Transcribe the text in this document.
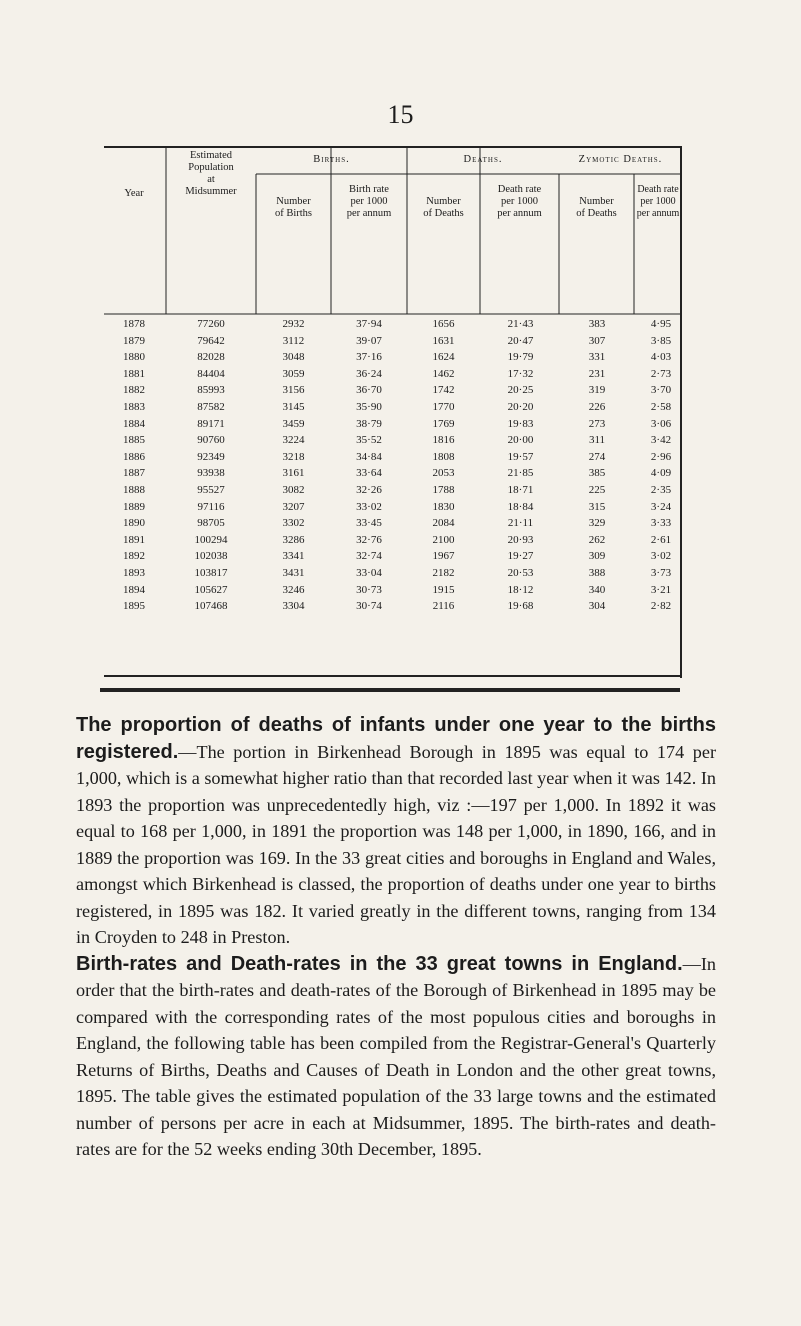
15
Year
Estimated
Population
at
Midsummer
Births.	Deaths.	Zymotic Deaths.
Number
of Births
Birth rate
per 1000
per annum
Number
of Deaths
Death rate
per 1000
per annum
Number
of Deaths
Death rate
per 1000
per annum
1878	77260	2932	37·94	1656	21·43	383	4·95
1879	79642	3112	39·07	1631	20·47	307	3·85
1880	82028	3048	37·16	1624	19·79	331	4·03
1881	84404	3059	36·24	1462	17·32	231	2·73
1882	85993	3156	36·70	1742	20·25	319	3·70
1883	87582	3145	35·90	1770	20·20	226	2·58
1884	89171	3459	38·79	1769	19·83	273	3·06
1885	90760	3224	35·52	1816	20·00	311	3·42
1886	92349	3218	34·84	1808	19·57	274	2·96
1887	93938	3161	33·64	2053	21·85	385	4·09
1888	95527	3082	32·26	1788	18·71	225	2·35
1889	97116	3207	33·02	1830	18·84	315	3·24
1890	98705	3302	33·45	2084	21·11	329	3·33
1891	100294	3286	32·76	2100	20·93	262	2·61
1892	102038	3341	32·74	1967	19·27	309	3·02
1893	103817	3431	33·04	2182	20·53	388	3·73
1894	105627	3246	30·73	1915	18·12	340	3·21
1895	107468	3304	30·74	2116	19·68	304	2·82

The proportion of deaths of infants under one year to the births registered.—The portion in Birkenhead Borough in 1895 was equal to 174 per 1,000, which is a somewhat higher ratio than that recorded last year when it was 142. In 1893 the proportion was unprecedentedly high, viz :—197 per 1,000. In 1892 it was equal to 168 per 1,000, in 1891 the proportion was 148 per 1,000, in 1890, 166, and in 1889 the proportion was 169. In the 33 great cities and boroughs in England and Wales, amongst which Birkenhead is classed, the proportion of deaths under one year to births registered, in 1895 was 182. It varied greatly in the different towns, ranging from 134 in Croyden to 248 in Preston.

Birth-rates and Death-rates in the 33 great towns in England.—In order that the birth-rates and death-rates of the Borough of Birkenhead in 1895 may be compared with the corresponding rates of the most populous cities and boroughs in England, the following table has been compiled from the Registrar-General's Quarterly Returns of Births, Deaths and Causes of Death in London and the other great towns, 1895. The table gives the estimated population of the 33 large towns and the estimated number of persons per acre in each at Midsummer, 1895. The birth-rates and death-rates are for the 52 weeks ending 30th December, 1895.
